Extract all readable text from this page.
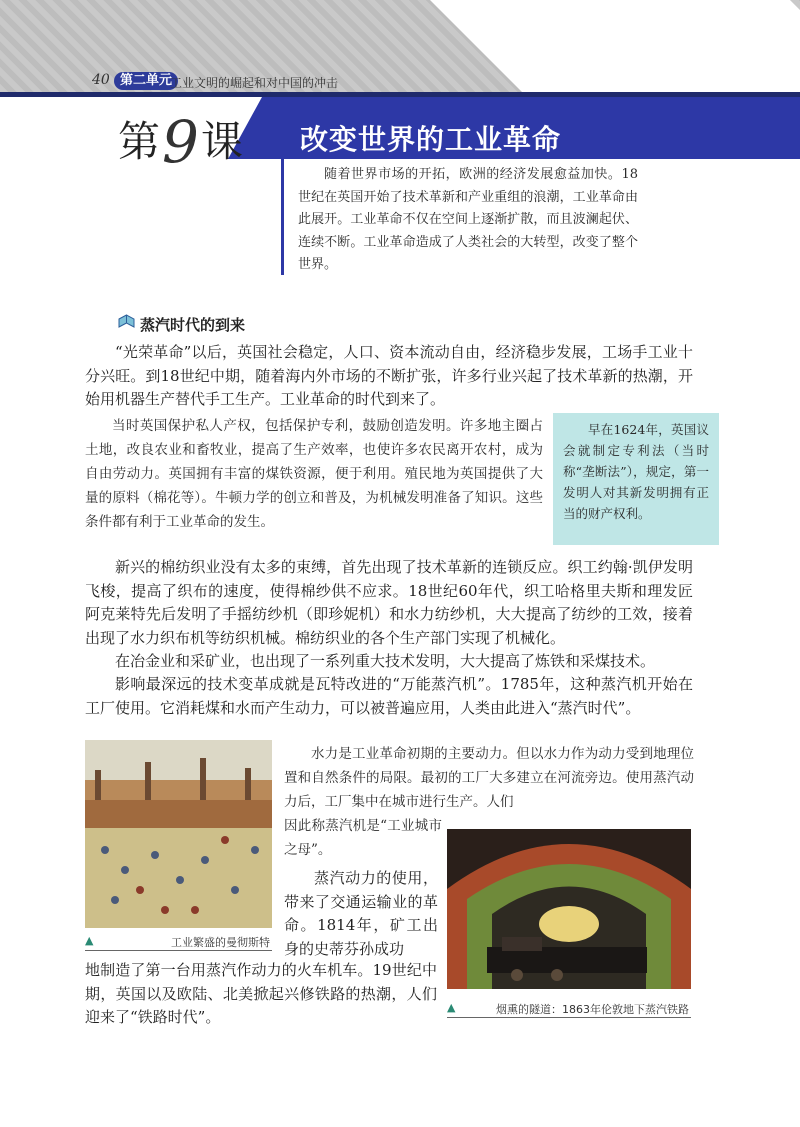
40 第二单元
工业文明的崛起和对中国的冲击
第9课 改变世界的工业革命
随着世界市场的开拓，欧洲的经济发展愈益加快。18世纪在英国开始了技术革新和产业重组的浪潮，工业革命由此展开。工业革命不仅在空间上逐渐扩散，而且波澜起伏、连续不断。工业革命造成了人类社会的大转型，改变了整个世界。
蒸汽时代的到来
“光荣革命”以后，英国社会稳定，人口、资本流动自由，经济稳步发展，工场手工业十分兴旺。到18世纪中期，随着海内外市场的不断扩张，许多行业兴起了技术革新的热潮，开始用机器生产替代手工生产。工业革命的时代到来了。
当时英国保护私人产权，包括保护专利，鼓励创造发明。许多地主圈占土地，改良农业和畜牧业，提高了生产效率，也使许多农民离开农村，成为自由劳动力。英国拥有丰富的煤铁资源，便于利用。殖民地为英国提供了大量的原料（棉花等）。牛顿力学的创立和普及，为机械发明准备了知识。这些条件都有利于工业革命的发生。
早在1624年，英国议会就制定专利法（当时称“垄断法”），规定，第一发明人对其新发明拥有正当的财产权利。
新兴的棉纺织业没有太多的束缚，首先出现了技术革新的连锁反应。织工约翰·凯伊发明飞梭，提高了织布的速度，使得棉纱供不应求。18世纪60年代，织工哈格里夫斯和理发匠阿克莱特先后发明了手摇纺纱机（即珍妮机）和水力纺纱机，大大提高了纺纱的工效，接着出现了水力织布机等纺织机械。棉纺织业的各个生产部门实现了机械化。
在冶金业和采矿业，也出现了一系列重大技术发明，大大提高了炼铁和采煤技术。
影响最深远的技术变革成就是瓦特改进的“万能蒸汽机”。1785年，这种蒸汽机开始在工厂使用。它消耗煤和水而产生动力，可以被普遍应用，人类由此进入“蒸汽时代”。
▲	工业繁盛的曼彻斯特
水力是工业革命初期的主要动力。但以水力作为动力受到地理位置和自然条件的局限。最初的工厂大多建立在河流旁边。使用蒸汽动力后，工厂集中在城市进行生产。人们
因此称蒸汽机是“工业城市之母”。
蒸汽动力的使用，带来了交通运输业的革命。1814年，矿工出身的史蒂芬孙成功
地制造了第一台用蒸汽作动力的火车机车。19世纪中期，英国以及欧陆、北美掀起兴修铁路的热潮，人们迎来了“铁路时代”。
▲	烟熏的隧道：1863年伦敦地下蒸汽铁路
